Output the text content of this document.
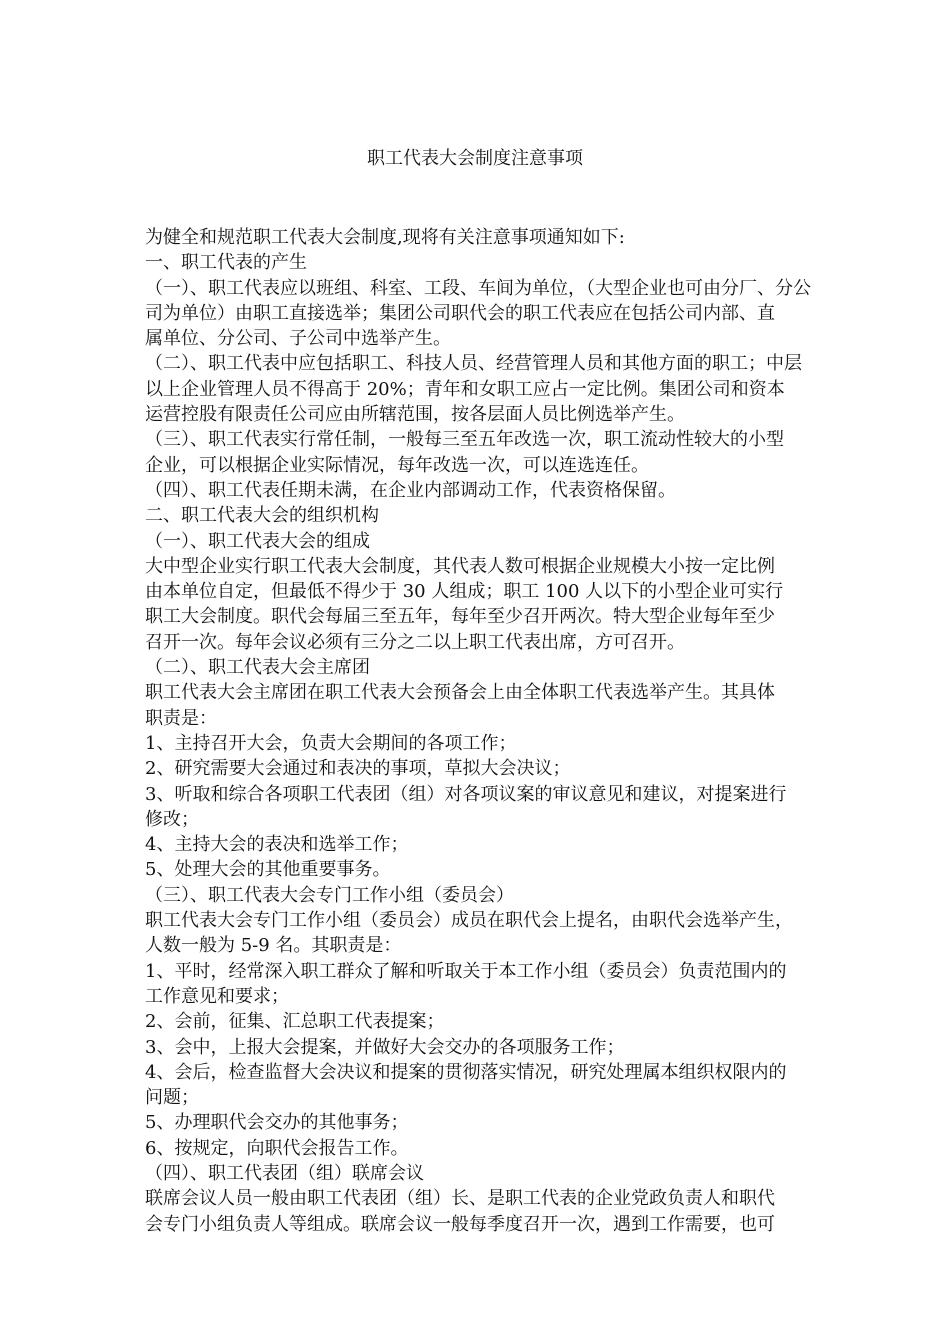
职工代表大会制度注意事项
为健全和规范职工代表大会制度,现将有关注意事项通知如下:
一、职工代表的产生
（一）、职工代表应以班组、科室、工段、车间为单位，（大型企业也可由分厂、分公
司为单位）由职工直接选举；集团公司职代会的职工代表应在包括公司内部、直
属单位、分公司、子公司中选举产生。
（二）、职工代表中应包括职工、科技人员、经营管理人员和其他方面的职工；中层
以上企业管理人员不得高于 20%；青年和女职工应占一定比例。集团公司和资本
运营控股有限责任公司应由所辖范围，按各层面人员比例选举产生。
（三）、职工代表实行常任制，一般每三至五年改选一次，职工流动性较大的小型
企业，可以根据企业实际情况，每年改选一次，可以连选连任。
（四）、职工代表任期未满，在企业内部调动工作，代表资格保留。
二、职工代表大会的组织机构
（一）、职工代表大会的组成
大中型企业实行职工代表大会制度，其代表人数可根据企业规模大小按一定比例
由本单位自定，但最低不得少于 30 人组成；职工 100 人以下的小型企业可实行
职工大会制度。职代会每届三至五年，每年至少召开两次。特大型企业每年至少
召开一次。每年会议必须有三分之二以上职工代表出席，方可召开。
（二）、职工代表大会主席团
职工代表大会主席团在职工代表大会预备会上由全体职工代表选举产生。其具体
职责是：
1、主持召开大会，负责大会期间的各项工作；
2、研究需要大会通过和表决的事项，草拟大会决议；
3、听取和综合各项职工代表团（组）对各项议案的审议意见和建议，对提案进行
修改；
4、主持大会的表决和选举工作；
5、处理大会的其他重要事务。
（三）、职工代表大会专门工作小组（委员会）
职工代表大会专门工作小组（委员会）成员在职代会上提名，由职代会选举产生，
人数一般为 5-9 名。其职责是：
1、平时，经常深入职工群众了解和听取关于本工作小组（委员会）负责范围内的
工作意见和要求；
2、会前，征集、汇总职工代表提案；
3、会中，上报大会提案，并做好大会交办的各项服务工作；
4、会后，检查监督大会决议和提案的贯彻落实情况，研究处理属本组织权限内的
问题；
5、办理职代会交办的其他事务；
6、按规定，向职代会报告工作。
（四）、职工代表团（组）联席会议
联席会议人员一般由职工代表团（组）长、是职工代表的企业党政负责人和职代
会专门小组负责人等组成。联席会议一般每季度召开一次，遇到工作需要，也可
